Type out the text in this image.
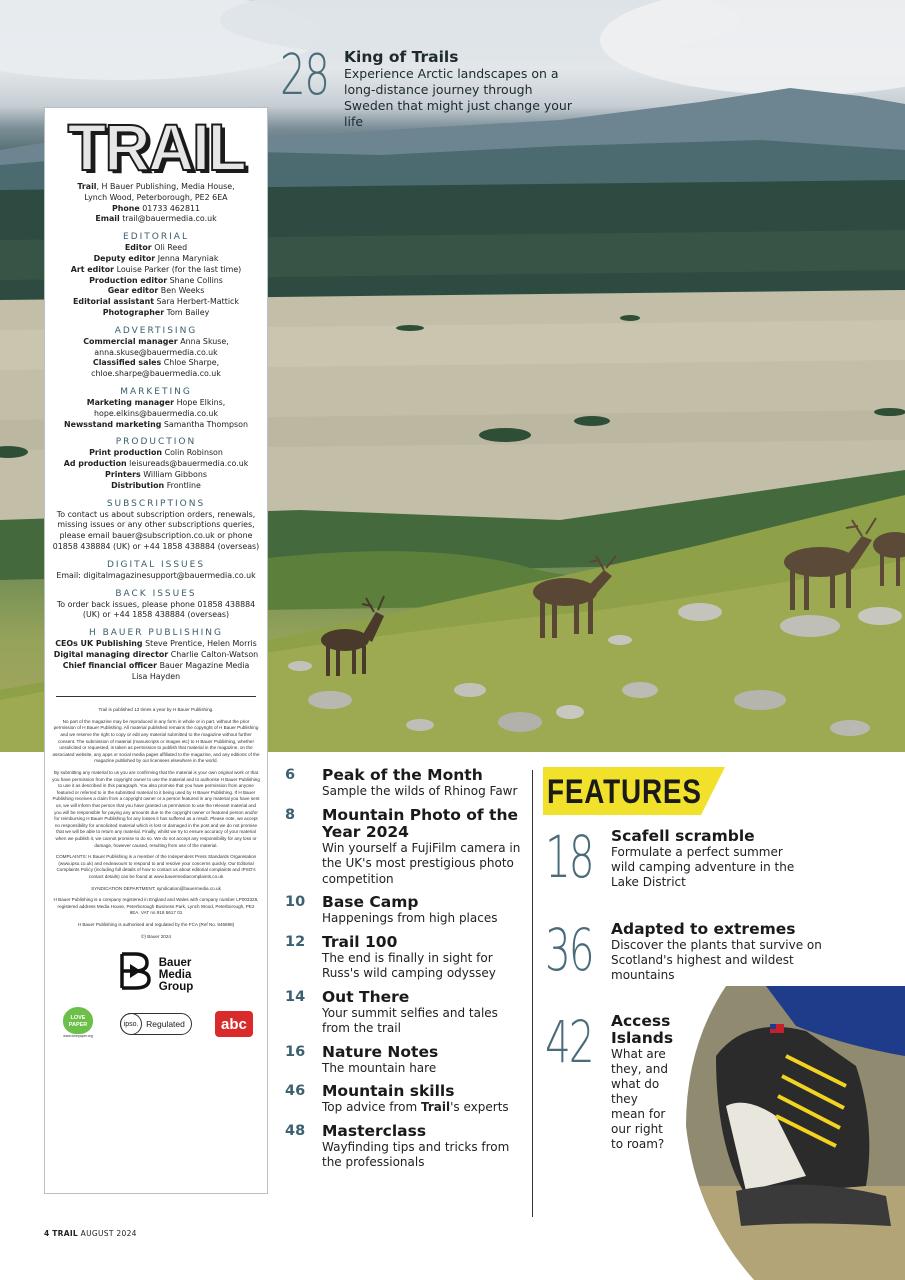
28 King of Trails
Experience Arctic landscapes on a long-distance journey through Sweden that might just change your life
TRAIL
Trail, H Bauer Publishing, Media House,
Lynch Wood, Peterborough, PE2 6EA
Phone 01733 462811
Email trail@bauermedia.co.uk
EDITORIAL
Editor Oli Reed
Deputy editor Jenna Maryniak
Art editor Louise Parker (for the last time)
Production editor Shane Collins
Gear editor Ben Weeks
Editorial assistant Sara Herbert-Mattick
Photographer Tom Bailey
ADVERTISING
Commercial manager Anna Skuse,
anna.skuse@bauermedia.co.uk
Classified sales Chloe Sharpe,
chloe.sharpe@bauermedia.co.uk
MARKETING
Marketing manager Hope Elkins,
hope.elkins@bauermedia.co.uk
Newsstand marketing Samantha Thompson
PRODUCTION
Print production Colin Robinson
Ad production leisureads@bauermedia.co.uk
Printers William Gibbons
Distribution Frontline
SUBSCRIPTIONS
To contact us about subscription orders, renewals,
missing issues or any other subscriptions queries,
please email bauer@subscription.co.uk or phone
01858 438884 (UK) or +44 1858 438884 (overseas)
DIGITAL ISSUES
Email: digitalmagazinesupport@bauermedia.co.uk
BACK ISSUES
To order back issues, please phone 01858 438884
(UK) or +44 1858 438884 (overseas)
H BAUER PUBLISHING
CEOs UK Publishing Steve Prentice, Helen Morris
Digital managing director Charlie Calton-Watson
Chief financial officer Bauer Magazine Media
Lisa Hayden

Trail is published 13 times a year by H Bauer Publishing.

No part of the magazine may be reproduced in any form in whole or in part, without the prior permission of H Bauer Publishing. All material published remains the copyright of H Bauer Publishing and we reserve the right to copy or edit any material submitted to the magazine without further consent. The submission of material (manuscripts or images etc) to H Bauer Publishing, whether unsolicited or requested, is taken as permission to publish that material in the magazine, on the associated website, any apps or social media pages affiliated to the magazine, and any editions of the magazine published by our licensees elsewhere in the world.

By submitting any material to us you are confirming that the material is your own original work or that you have permission from the copyright owner to use the material and to authorise H Bauer Publishing to use it as described in this paragraph. You also promise that you have permission from anyone featured or referred to in the submitted material to it being used by H Bauer Publishing. If H Bauer Publishing receives a claim from a copyright owner or a person featured in any material you have sent us, we will inform that person that you have granted us permission to use the relevant material and you will be responsible for paying any amounts due to the copyright owner or featured person and/or for reimbursing H Bauer Publishing for any losses it has suffered as a result. Please note, we accept no responsibility for unsolicited material which is lost or damaged in the post and we do not promise that we will be able to return any material. Finally, whilst we try to ensure accuracy of your material when we publish it, we cannot promise to do so. We do not accept any responsibility for any loss or damage, however caused, resulting from use of the material.

COMPLAINTS: H Bauer Publishing is a member of the Independent Press Standards Organisation (www.ipso.co.uk) and endeavours to respond to and resolve your concerns quickly. Our Editorial Complaints Policy (including full details of how to contact us about editorial complaints and IPSO's contact details) can be found at www.bauermediacomplaints.co.uk

SYNDICATION DEPARTMENT: syndication@bauermedia.co.uk

H Bauer Publishing is a company registered in England and Wales with company number LP003328, registered address Media House, Peterborough Business Park, Lynch Wood, Peterborough, PE2 6EA. VAT no 918 5617 01

H Bauer Publishing is authorised and regulated by the FCA (Ref No. 845898)

©) Bauer 2024

Bauer
Media
Group
LOVE
PAPER
www.lovepaper.org
ipso. Regulated	abc
6	Peak of the Month
Sample the wilds of Rhinog Fawr
8	Mountain Photo of the Year 2024
Win yourself a FujiFilm camera in the UK's most prestigious photo competition
10	Base Camp
Happenings from high places
12	Trail 100
The end is finally in sight for Russ's wild camping odyssey
14	Out There
Your summit selfies and tales from the trail
16	Nature Notes
The mountain hare
46	Mountain skills
Top advice from Trail's experts
48	Masterclass
Wayfinding tips and tricks from the professionals
FEATURES
18 Scafell scramble
Formulate a perfect summer wild camping adventure in the Lake District
36 Adapted to extremes
Discover the plants that survive on Scotland's highest and wildest mountains
42 Access Islands
What are they, and what do they mean for our right to roam?
4 TRAIL AUGUST 2024
